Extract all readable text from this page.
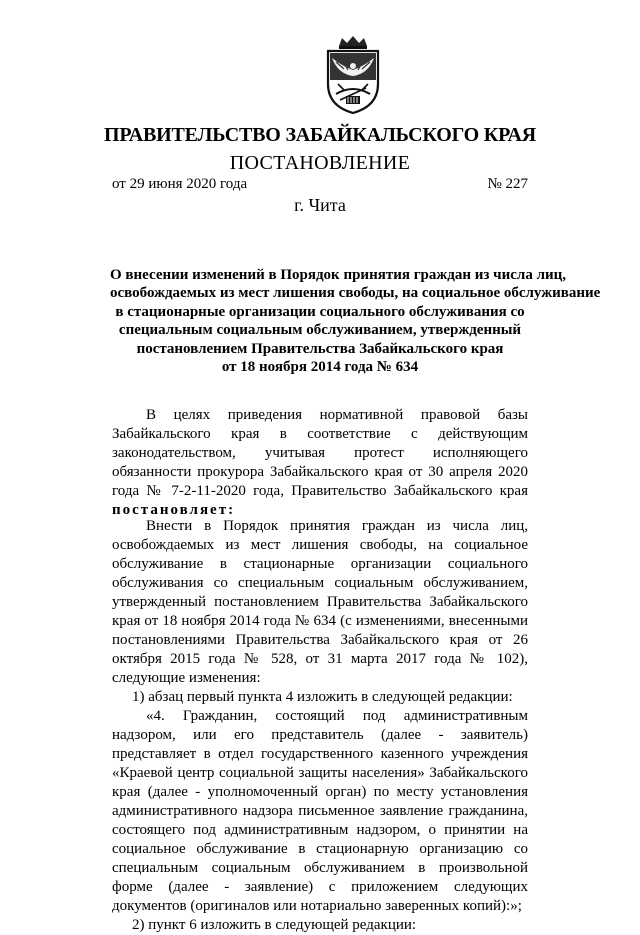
ПРАВИТЕЛЬСТВО ЗАБАЙКАЛЬСКОГО КРАЯ
ПОСТАНОВЛЕНИЕ
от 29 июня 2020 года	№ 227
г. Чита
О внесении изменений в Порядок принятия граждан из числа лиц,
освобождаемых из мест лишения свободы, на социальное обслуживание
в стационарные организации социального обслуживания со
специальным социальным обслуживанием, утвержденный
постановлением Правительства Забайкальского края
от 18 ноября 2014 года № 634

В целях приведения нормативной правовой базы Забайкальского края в соответствие с действующим законодательством, учитывая протест исполняющего обязанности прокурора Забайкальского края от 30 апреля 2020 года № 7-2-11-2020 года, Правительство Забайкальского края постановляет:

Внести в Порядок принятия граждан из числа лиц, освобождаемых из мест лишения свободы, на социальное обслуживание в стационарные организации социального обслуживания со специальным социальным обслуживанием, утвержденный постановлением Правительства Забайкальского края от 18 ноября 2014 года № 634 (с изменениями, внесенными постановлениями Правительства Забайкальского края от 26 октября 2015 года № 528, от 31 марта 2017 года № 102), следующие изменения:

1) абзац первый пункта 4 изложить в следующей редакции:

«4. Гражданин, состоящий под административным надзором, или его представитель (далее - заявитель) представляет в отдел государственного казенного учреждения «Краевой центр социальной защиты населения» Забайкальского края (далее - уполномоченный орган) по месту установления административного надзора письменное заявление гражданина, состоящего под административным надзором, о принятии на социальное обслуживание в стационарную организацию со специальным социальным обслуживанием в произвольной форме (далее - заявление) с приложением следующих документов (оригиналов или нотариально заверенных копий):»;

2) пункт 6 изложить в следующей редакции:
